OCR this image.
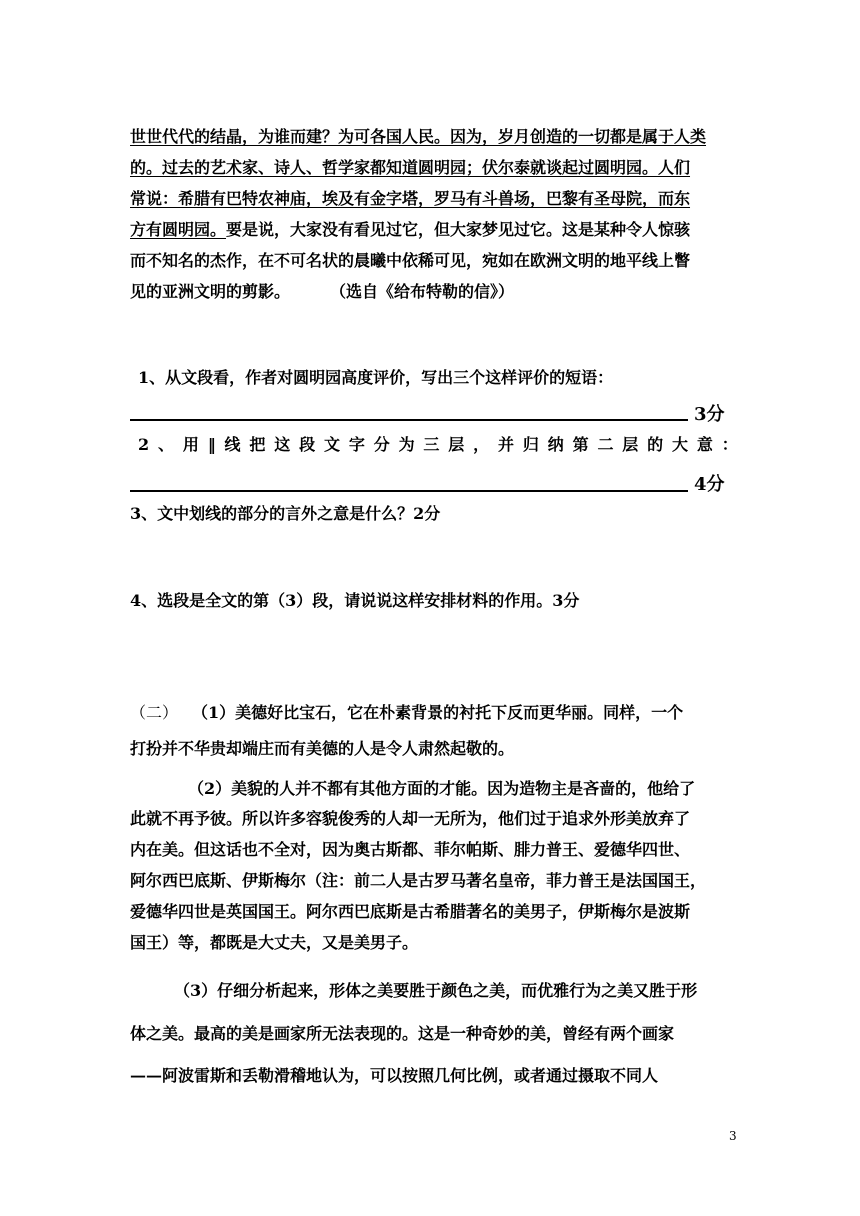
世世代代的结晶，为谁而建？为可各国人民。因为，岁月创造的一切都是属于人类

的。过去的艺术家、诗人、哲学家都知道圆明园；伏尔泰就谈起过圆明园。人们

常说：希腊有巴特农神庙，埃及有金字塔，罗马有斗兽场，巴黎有圣母院，而东

方有圆明园。要是说，大家没有看见过它，但大家梦见过它。这是某种令人惊骇

而不知名的杰作，在不可名状的晨曦中依稀可见，宛如在欧洲文明的地平线上瞥

见的亚洲文明的剪影。	（选自《给布特勒的信》）

1、从文段看，作者对圆明园高度评价，写出三个这样评价的短语：

3分
2 、 用 ‖ 线 把 这 段 文 字 分 为 三 层 ， 并 归 纳 第 二 层 的 大 意 ：
4分

3、文中划线的部分的言外之意是什么？2分

4、选段是全文的第（3）段，请说说这样安排材料的作用。3分

（二） （1）美德好比宝石，它在朴素背景的衬托下反而更华丽。同样，一个

打扮并不华贵却端庄而有美德的人是令人肃然起敬的。

（2）美貌的人并不都有其他方面的才能。因为造物主是吝啬的，他给了

此就不再予彼。所以许多容貌俊秀的人却一无所为，他们过于追求外形美放弃了

内在美。但这话也不全对，因为奥古斯都、菲尔帕斯、腓力普王、爱德华四世、

阿尔西巴底斯、伊斯梅尔（注：前二人是古罗马著名皇帝，菲力普王是法国国王，

爱德华四世是英国国王。阿尔西巴底斯是古希腊著名的美男子，伊斯梅尔是波斯

国王）等，都既是大丈夫，又是美男子。

（3）仔细分析起来，形体之美要胜于颜色之美，而优雅行为之美又胜于形

体之美。最高的美是画家所无法表现的。这是一种奇妙的美，曾经有两个画家

——阿波雷斯和丢勒滑稽地认为，可以按照几何比例，或者通过摄取不同人

3
